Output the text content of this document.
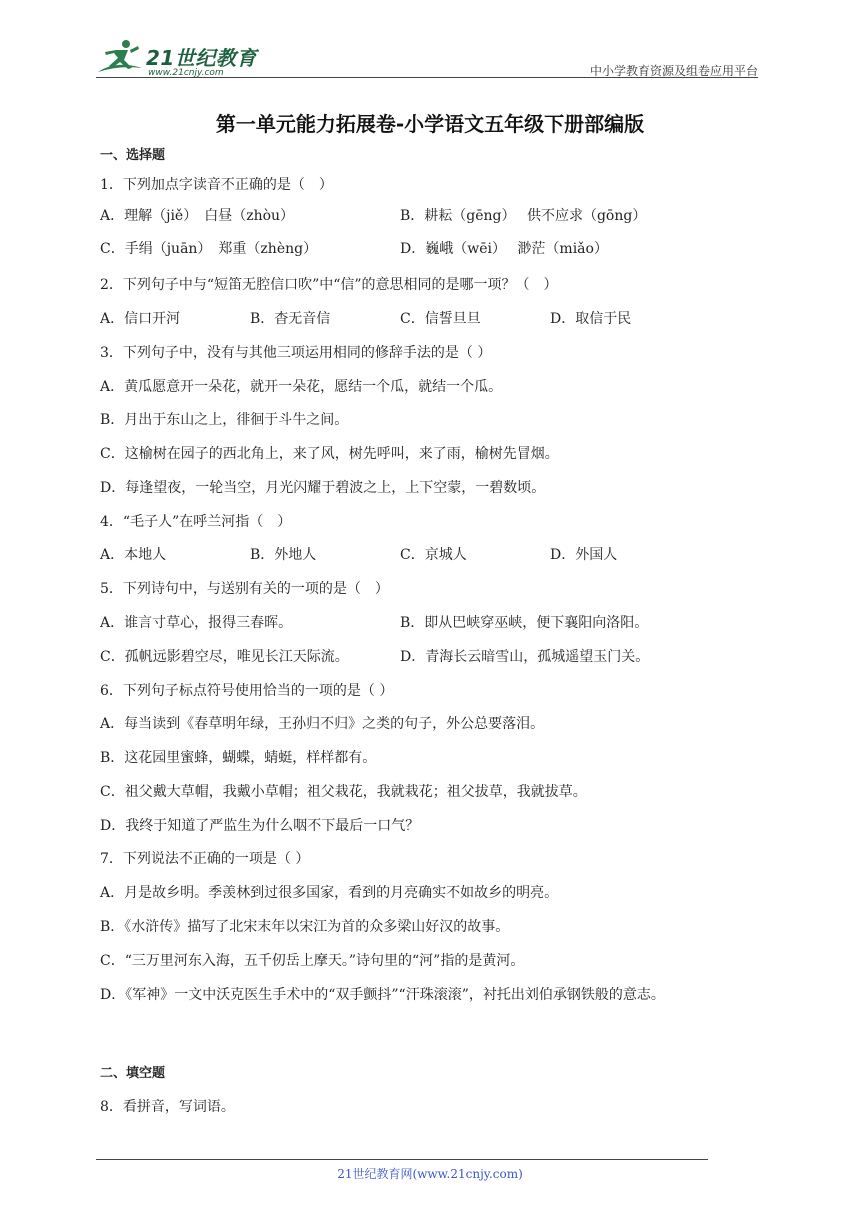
21世纪教育
www.21cnjy.com	中小学教育资源及组卷应用平台
第一单元能力拓展卷-小学语文五年级下册部编版
一、选择题
1．下列加点字读音不正确的是（　）
A．理解（jiě）　白昼（zhòu）	B．耕耘（gēng）　 供不应求（gōng）
C．手绢（juān）　郑重（zhèng）	D．巍峨（wēi）　 渺茫（miǎo）
2．下列句子中与“短笛无腔信口吹”中“信”的意思相同的是哪一项？（　）
A．信口开河	B．杳无音信	C．信誓旦旦	D．取信于民
3．下列句子中，没有与其他三项运用相同的修辞手法的是（ ）
A．黄瓜愿意开一朵花，就开一朵花，愿结一个瓜，就结一个瓜。
B．月出于东山之上，徘徊于斗牛之间。
C．这榆树在园子的西北角上，来了风，树先呼叫，来了雨，榆树先冒烟。
D．每逢望夜，一轮当空，月光闪耀于碧波之上，上下空蒙，一碧数顷。
4．“毛子人”在呼兰河指（　）
A．本地人	B．外地人	C．京城人	D．外国人
5．下列诗句中，与送别有关的一项的是（　）
A．谁言寸草心，报得三春晖。	B．即从巴峡穿巫峡，便下襄阳向洛阳。
C．孤帆远影碧空尽，唯见长江天际流。	D．青海长云暗雪山，孤城遥望玉门关。
6．下列句子标点符号使用恰当的一项的是（ ）
A．每当读到《春草明年绿，王孙归不归》之类的句子，外公总要落泪。
B．这花园里蜜蜂，蝴蝶，蜻蜓，样样都有。
C．祖父戴大草帽，我戴小草帽；祖父栽花，我就栽花；祖父拔草，我就拔草。
D．我终于知道了严监生为什么咽不下最后一口气？
7．下列说法不正确的一项是（ ）
A．月是故乡明。季羡林到过很多国家，看到的月亮确实不如故乡的明亮。
B．《水浒传》描写了北宋末年以宋江为首的众多梁山好汉的故事。
C．“三万里河东入海，五千仞岳上摩天。”诗句里的“河”指的是黄河。
D．《军神》一文中沃克医生手术中的“双手颤抖”“汗珠滚滚”，衬托出刘伯承钢铁般的意志。
二、填空题
8．看拼音，写词语。
21世纪教育网(www.21cnjy.com)
